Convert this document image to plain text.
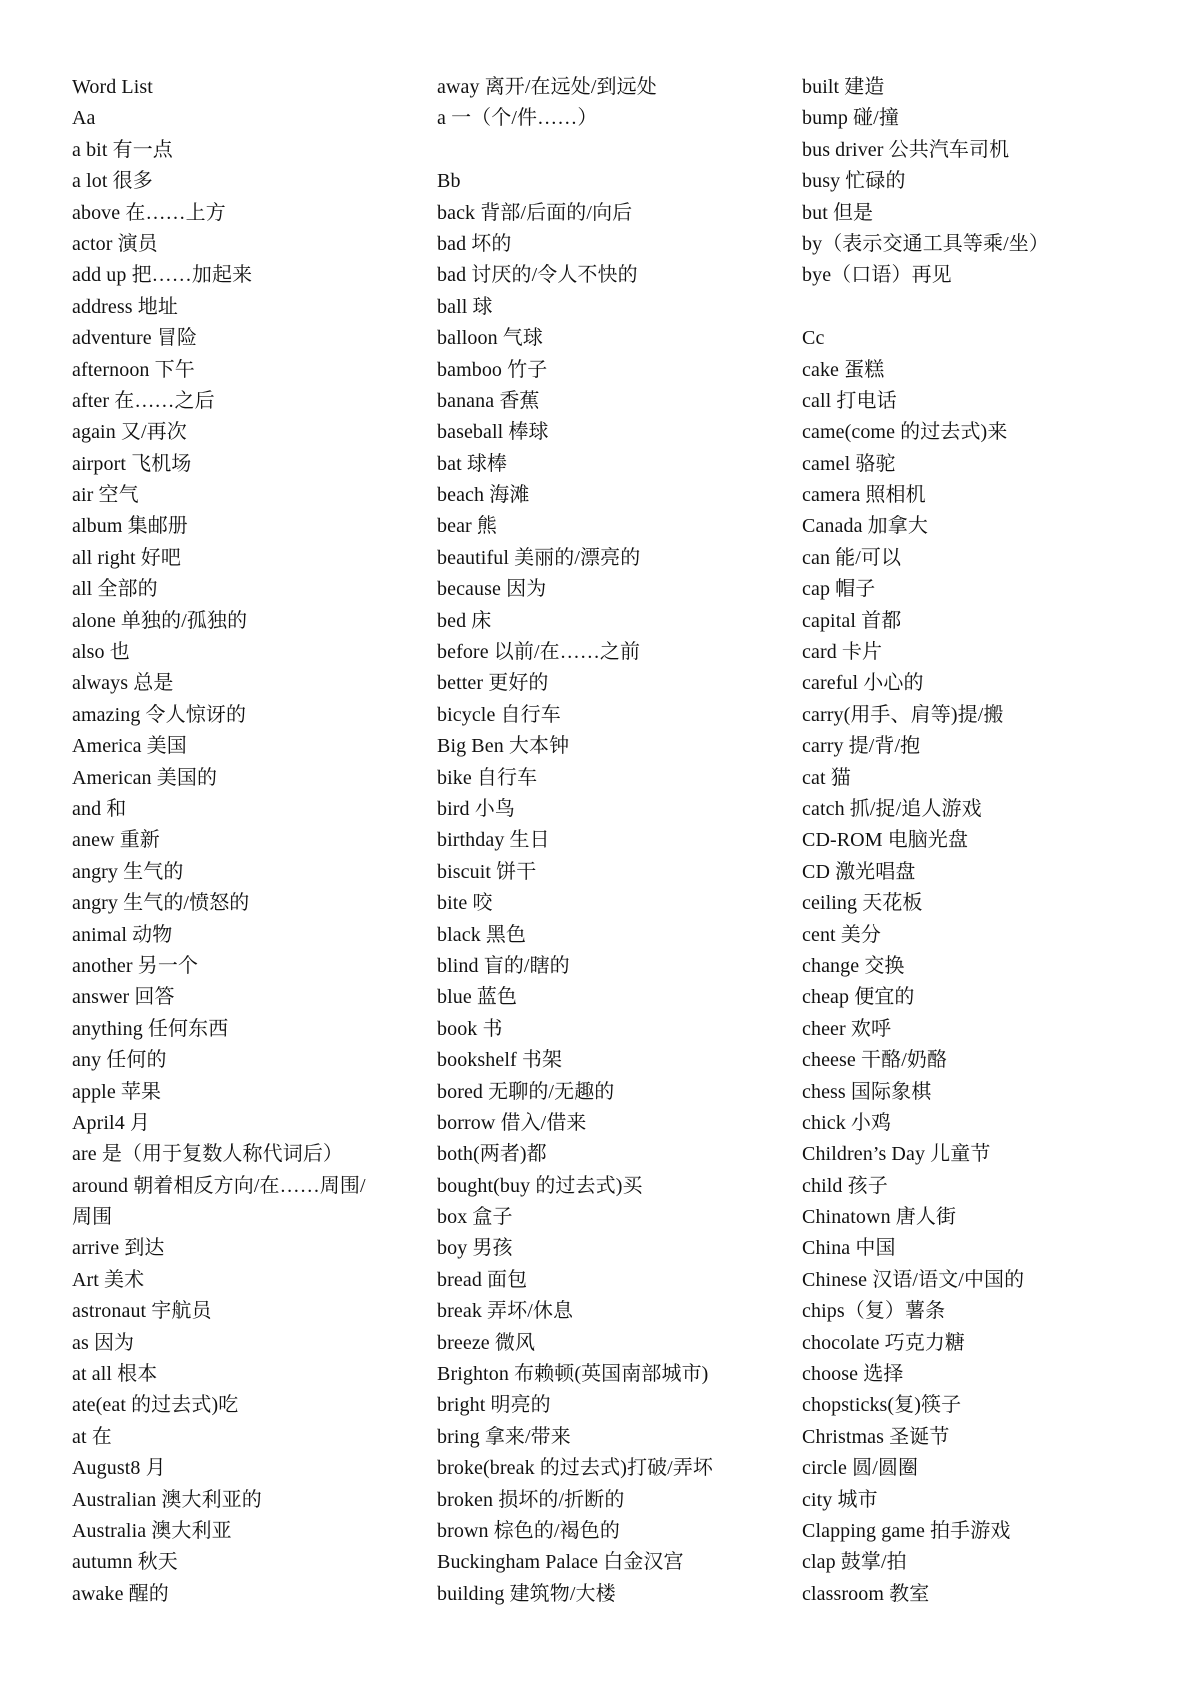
Word List
Aa
a bit 有一点
a lot 很多
above 在……上方
actor 演员
add up 把……加起来
address 地址
adventure 冒险
afternoon 下午
after 在……之后
again 又/再次
airport 飞机场
air 空气
album 集邮册
all right 好吧
all 全部的
alone 单独的/孤独的
also 也
always 总是
amazing 令人惊讶的
America 美国
American 美国的
and 和
anew 重新
angry 生气的
angry 生气的/愤怒的
animal 动物
another 另一个
answer 回答
anything 任何东西
any 任何的
apple 苹果
April4 月
are 是（用于复数人称代词后）
around 朝着相反方向/在……周围/
周围
arrive 到达
Art 美术
astronaut 宇航员
as 因为
at all 根本
ate(eat 的过去式)吃
at 在
August8 月
Australian 澳大利亚的
Australia 澳大利亚
autumn 秋天
awake 醒的
away 离开/在远处/到远处
a 一（个/件……）
Bb
back 背部/后面的/向后
bad 坏的
bad 讨厌的/令人不快的
ball 球
balloon 气球
bamboo 竹子
banana 香蕉
baseball 棒球
bat 球棒
beach 海滩
bear 熊
beautiful 美丽的/漂亮的
because 因为
bed 床
before 以前/在……之前
better 更好的
bicycle 自行车
Big Ben 大本钟
bike 自行车
bird 小鸟
birthday 生日
biscuit 饼干
bite 咬
black 黑色
blind 盲的/瞎的
blue 蓝色
book 书
bookshelf 书架
bored 无聊的/无趣的
borrow 借入/借来
both(两者)都
bought(buy 的过去式)买
box 盒子
boy 男孩
bread 面包
break 弄坏/休息
breeze 微风
Brighton 布赖顿(英国南部城市)
bright 明亮的
bring 拿来/带来
broke(break 的过去式)打破/弄坏
broken 损坏的/折断的
brown 棕色的/褐色的
Buckingham Palace 白金汉宫
building 建筑物/大楼
built 建造
bump 碰/撞
bus driver 公共汽车司机
busy 忙碌的
but 但是
by（表示交通工具等乘/坐）
bye（口语）再见
Cc
cake 蛋糕
call 打电话
came(come 的过去式)来
camel 骆驼
camera 照相机
Canada 加拿大
can 能/可以
cap 帽子
capital 首都
card 卡片
careful 小心的
carry(用手、肩等)提/搬
carry 提/背/抱
cat 猫
catch 抓/捉/追人游戏
CD-ROM 电脑光盘
CD 激光唱盘
ceiling 天花板
cent 美分
change 交换
cheap 便宜的
cheer 欢呼
cheese 干酪/奶酪
chess 国际象棋
chick 小鸡
Children’s Day 儿童节
child 孩子
Chinatown 唐人街
China 中国
Chinese 汉语/语文/中国的
chips（复）薯条
chocolate 巧克力糖
choose 选择
chopsticks(复)筷子
Christmas 圣诞节
circle 圆/圆圈
city 城市
Clapping game 拍手游戏
clap 鼓掌/拍
classroom 教室
